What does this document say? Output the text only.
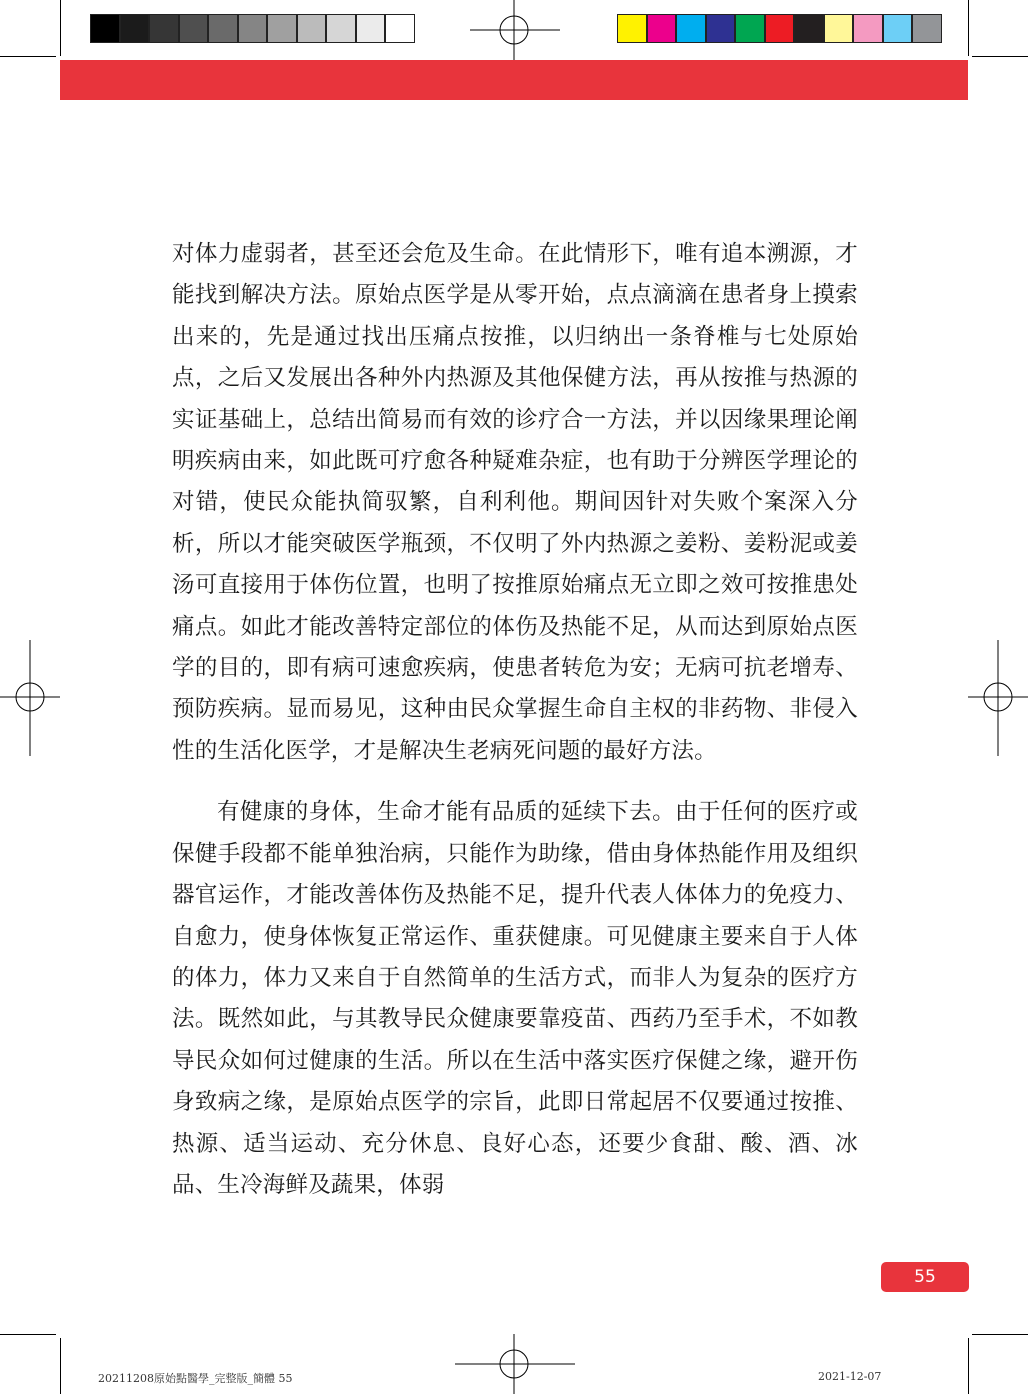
对体力虚弱者，甚至还会危及生命。在此情形下，唯有追本溯源，才能找到解决方法。原始点医学是从零开始，点点滴滴在患者身上摸索出来的，先是通过找出压痛点按推，以归纳出一条脊椎与七处原始点，之后又发展出各种外内热源及其他保健方法，再从按推与热源的实证基础上，总结出简易而有效的诊疗合一方法，并以因缘果理论阐明疾病由来，如此既可疗愈各种疑难杂症，也有助于分辨医学理论的对错，使民众能执简驭繁，自利利他。期间因针对失败个案深入分析，所以才能突破医学瓶颈，不仅明了外内热源之姜粉、姜粉泥或姜汤可直接用于体伤位置，也明了按推原始痛点无立即之效可按推患处痛点。如此才能改善特定部位的体伤及热能不足，从而达到原始点医学的目的，即有病可速愈疾病，使患者转危为安；无病可抗老增寿、预防疾病。显而易见，这种由民众掌握生命自主权的非药物、非侵入性的生活化医学，才是解决生老病死问题的最好方法。

有健康的身体，生命才能有品质的延续下去。由于任何的医疗或保健手段都不能单独治病，只能作为助缘，借由身体热能作用及组织器官运作，才能改善体伤及热能不足，提升代表人体体力的免疫力、自愈力，使身体恢复正常运作、重获健康。可见健康主要来自于人体的体力，体力又来自于自然简单的生活方式，而非人为复杂的医疗方法。既然如此，与其教导民众健康要靠疫苗、西药乃至手术，不如教导民众如何过健康的生活。所以在生活中落实医疗保健之缘，避开伤身致病之缘，是原始点医学的宗旨，此即日常起居不仅要通过按推、热源、适当运动、充分休息、良好心态，还要少食甜、酸、酒、冰品、生冷海鲜及蔬果，体弱

55
20211208原始點醫學_完整版_簡體 55	2021-12-07
